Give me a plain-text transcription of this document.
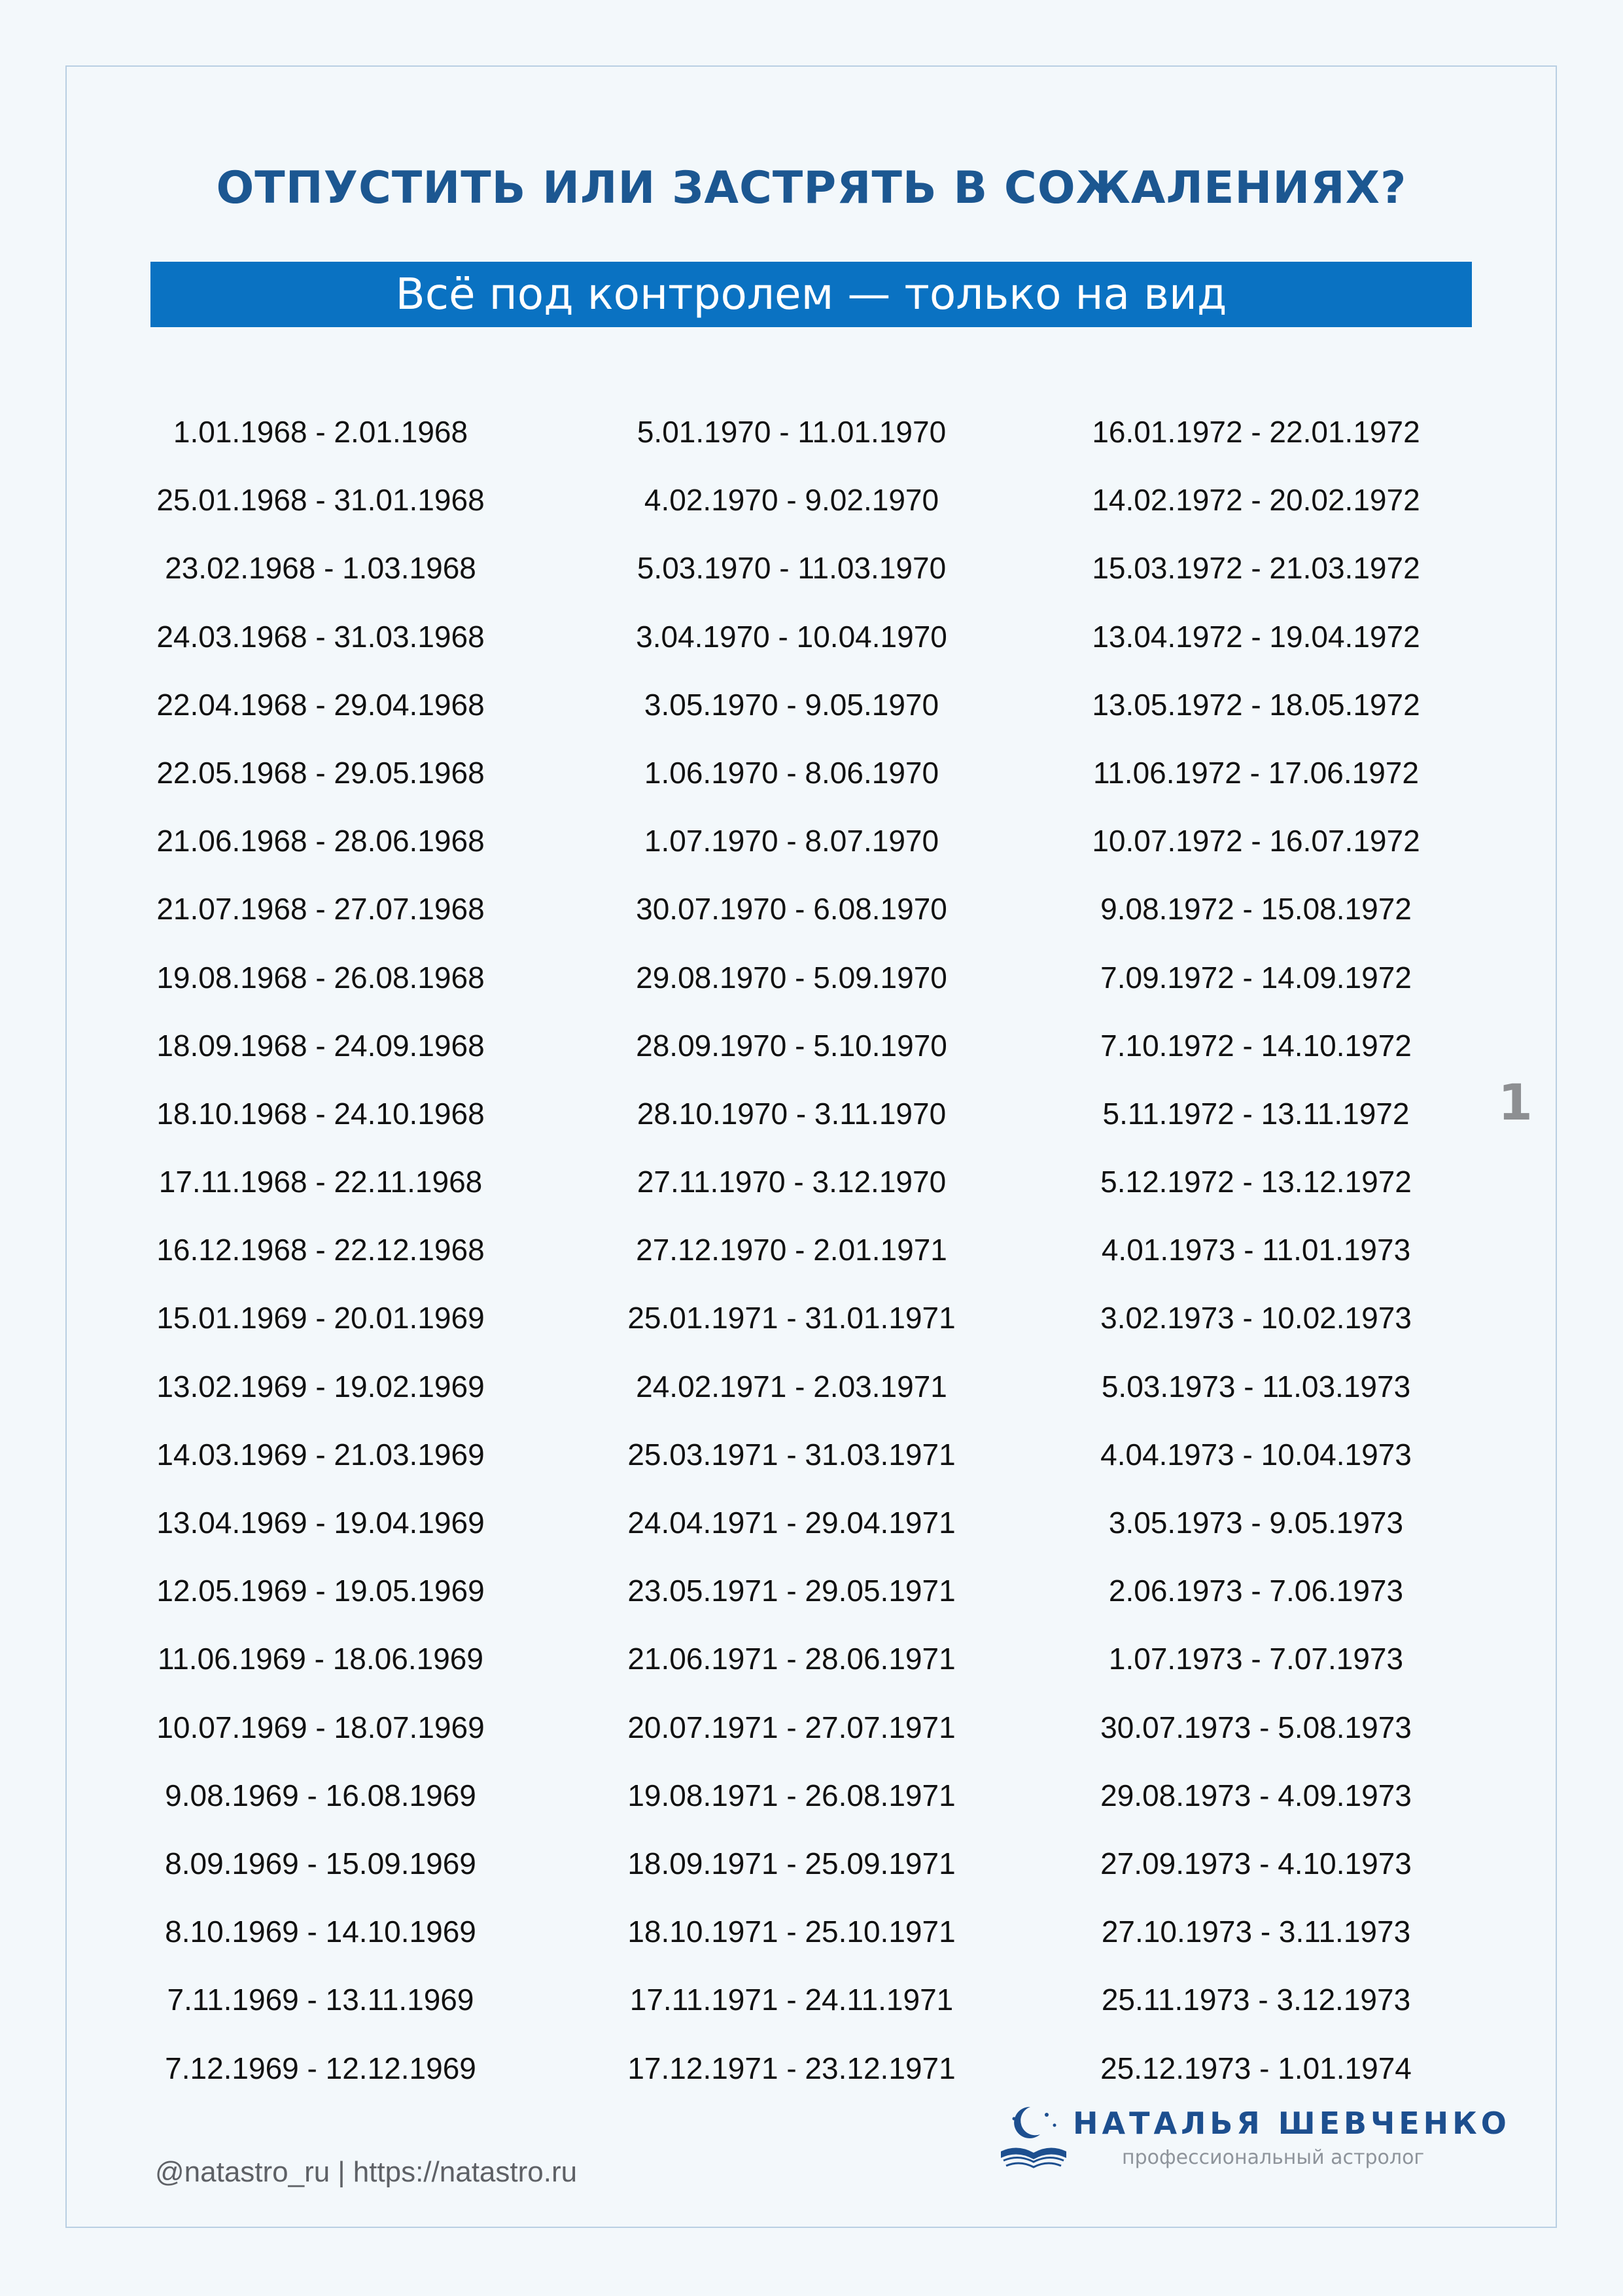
ОТПУСТИТЬ ИЛИ ЗАСТРЯТЬ В СОЖАЛЕНИЯХ?
Всё под контролем — только на вид
1.01.1968 - 2.01.1968
25.01.1968 - 31.01.1968
23.02.1968 - 1.03.1968
24.03.1968 - 31.03.1968
22.04.1968 - 29.04.1968
22.05.1968 - 29.05.1968
21.06.1968 - 28.06.1968
21.07.1968 - 27.07.1968
19.08.1968 - 26.08.1968
18.09.1968 - 24.09.1968
18.10.1968 - 24.10.1968
17.11.1968 - 22.11.1968
16.12.1968 - 22.12.1968
15.01.1969 - 20.01.1969
13.02.1969 - 19.02.1969
14.03.1969 - 21.03.1969
13.04.1969 - 19.04.1969
12.05.1969 - 19.05.1969
11.06.1969 - 18.06.1969
10.07.1969 - 18.07.1969
9.08.1969 - 16.08.1969
8.09.1969 - 15.09.1969
8.10.1969 - 14.10.1969
7.11.1969 - 13.11.1969
7.12.1969 - 12.12.1969
5.01.1970 - 11.01.1970
4.02.1970 - 9.02.1970
5.03.1970 - 11.03.1970
3.04.1970 - 10.04.1970
3.05.1970 - 9.05.1970
1.06.1970 - 8.06.1970
1.07.1970 - 8.07.1970
30.07.1970 - 6.08.1970
29.08.1970 - 5.09.1970
28.09.1970 - 5.10.1970
28.10.1970 - 3.11.1970
27.11.1970 - 3.12.1970
27.12.1970 - 2.01.1971
25.01.1971 - 31.01.1971
24.02.1971 - 2.03.1971
25.03.1971 - 31.03.1971
24.04.1971 - 29.04.1971
23.05.1971 - 29.05.1971
21.06.1971 - 28.06.1971
20.07.1971 - 27.07.1971
19.08.1971 - 26.08.1971
18.09.1971 - 25.09.1971
18.10.1971 - 25.10.1971
17.11.1971 - 24.11.1971
17.12.1971 - 23.12.1971
16.01.1972 - 22.01.1972
14.02.1972 - 20.02.1972
15.03.1972 - 21.03.1972
13.04.1972 - 19.04.1972
13.05.1972 - 18.05.1972
11.06.1972 - 17.06.1972
10.07.1972 - 16.07.1972
9.08.1972 - 15.08.1972
7.09.1972 - 14.09.1972
7.10.1972 - 14.10.1972
5.11.1972 - 13.11.1972
5.12.1972 - 13.12.1972
4.01.1973 - 11.01.1973
3.02.1973 - 10.02.1973
5.03.1973 - 11.03.1973
4.04.1973 - 10.04.1973
3.05.1973 - 9.05.1973
2.06.1973 - 7.06.1973
1.07.1973 - 7.07.1973
30.07.1973 - 5.08.1973
29.08.1973 - 4.09.1973
27.09.1973 - 4.10.1973
27.10.1973 - 3.11.1973
25.11.1973 - 3.12.1973
25.12.1973 - 1.01.1974
1
@natastro_ru | https://natastro.ru
НАТАЛЬЯ ШЕВЧЕНКО
профессиональный астролог
